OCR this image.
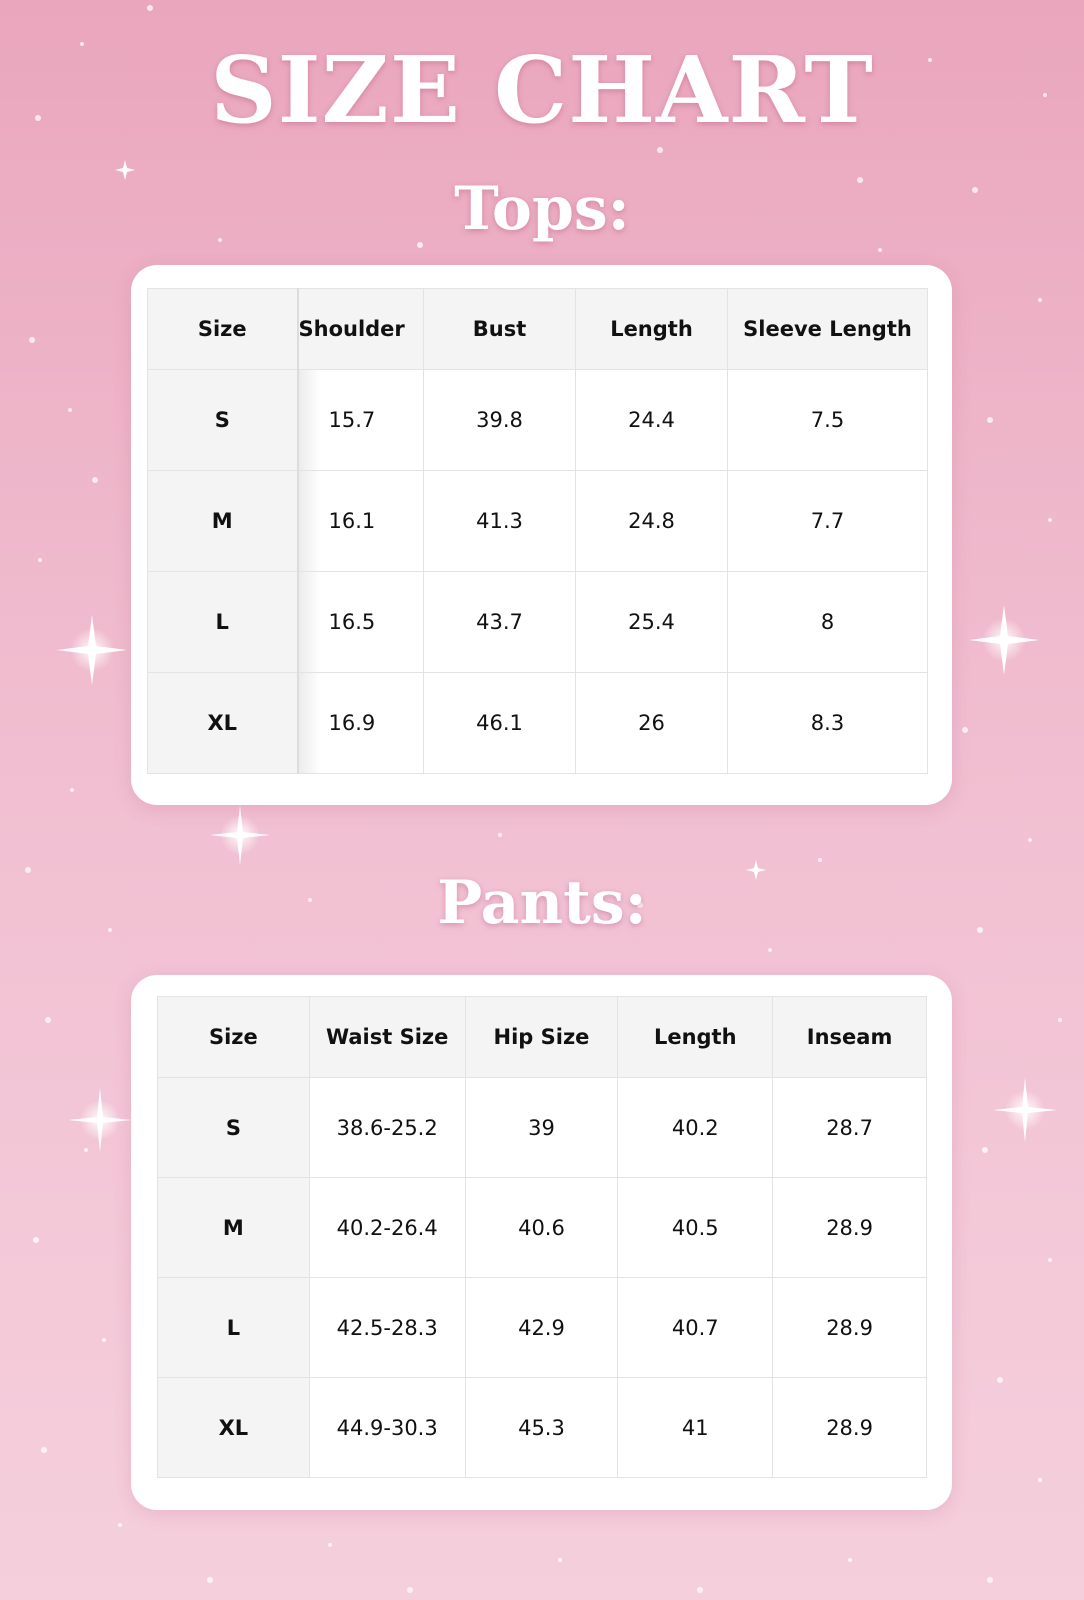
SIZE CHART
Tops:
Size	Shoulder	Bust	Length	Sleeve Length
S	15.7	39.8	24.4	7.5
M	16.1	41.3	24.8	7.7
L	16.5	43.7	25.4	8
XL	16.9	46.1	26	8.3
Pants:
Size	Waist Size	Hip Size	Length	Inseam
S	38.6-25.2	39	40.2	28.7
M	40.2-26.4	40.6	40.5	28.9
L	42.5-28.3	42.9	40.7	28.9
XL	44.9-30.3	45.3	41	28.9
